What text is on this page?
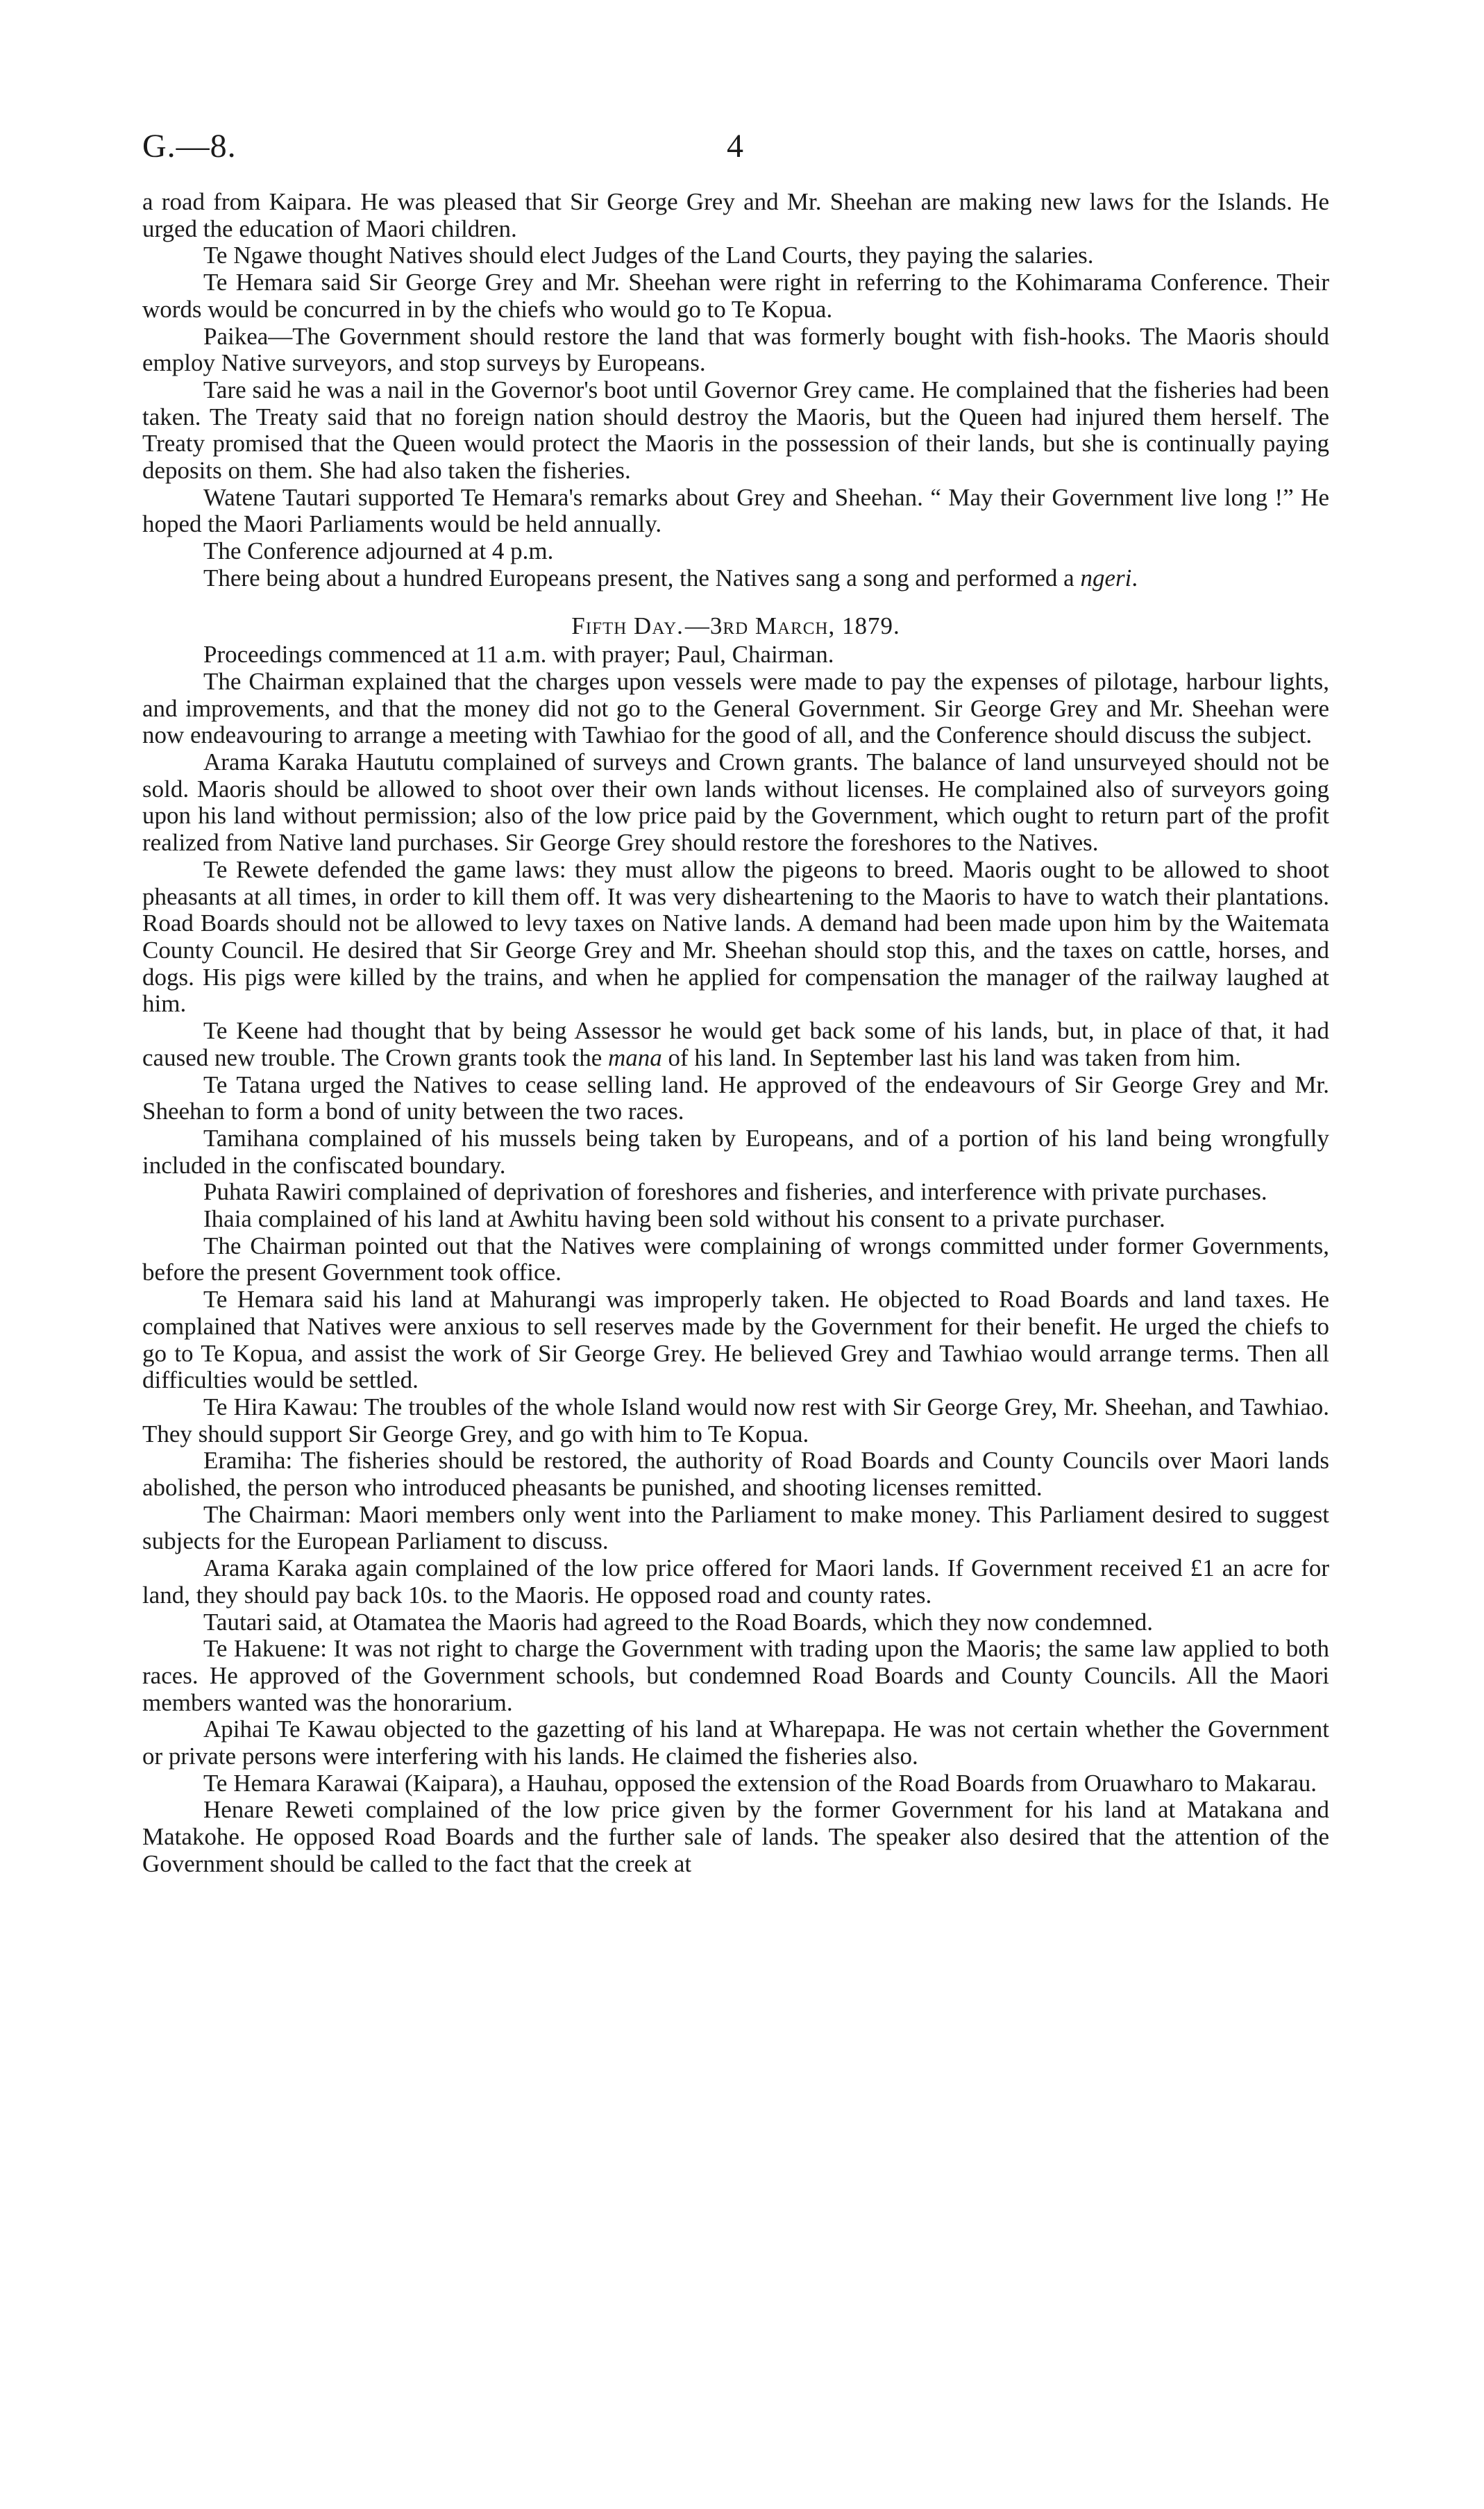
G.—8.	4

a road from Kaipara. He was pleased that Sir George Grey and Mr. Sheehan are making new laws for the Islands. He urged the education of Maori children.

Te Ngawe thought Natives should elect Judges of the Land Courts, they paying the salaries.

Te Hemara said Sir George Grey and Mr. Sheehan were right in referring to the Kohimarama Conference. Their words would be concurred in by the chiefs who would go to Te Kopua.

Paikea—The Government should restore the land that was formerly bought with fish-hooks. The Maoris should employ Native surveyors, and stop surveys by Europeans.

Tare said he was a nail in the Governor's boot until Governor Grey came. He complained that the fisheries had been taken. The Treaty said that no foreign nation should destroy the Maoris, but the Queen had injured them herself. The Treaty promised that the Queen would protect the Maoris in the possession of their lands, but she is continually paying deposits on them. She had also taken the fisheries.

Watene Tautari supported Te Hemara's remarks about Grey and Sheehan. “ May their Government live long !” He hoped the Maori Parliaments would be held annually.

The Conference adjourned at 4 p.m.

There being about a hundred Europeans present, the Natives sang a song and performed a ngeri.

Fifth Day.—3rd March, 1879.

Proceedings commenced at 11 a.m. with prayer; Paul, Chairman.

The Chairman explained that the charges upon vessels were made to pay the expenses of pilotage, harbour lights, and improvements, and that the money did not go to the General Government. Sir George Grey and Mr. Sheehan were now endeavouring to arrange a meeting with Tawhiao for the good of all, and the Conference should discuss the subject.

Arama Karaka Haututu complained of surveys and Crown grants. The balance of land unsurveyed should not be sold. Maoris should be allowed to shoot over their own lands without licenses. He complained also of surveyors going upon his land without permission; also of the low price paid by the Government, which ought to return part of the profit realized from Native land purchases. Sir George Grey should restore the foreshores to the Natives.

Te Rewete defended the game laws: they must allow the pigeons to breed. Maoris ought to be allowed to shoot pheasants at all times, in order to kill them off. It was very disheartening to the Maoris to have to watch their plantations. Road Boards should not be allowed to levy taxes on Native lands. A demand had been made upon him by the Waitemata County Council. He desired that Sir George Grey and Mr. Sheehan should stop this, and the taxes on cattle, horses, and dogs. His pigs were killed by the trains, and when he applied for compensation the manager of the railway laughed at him.

Te Keene had thought that by being Assessor he would get back some of his lands, but, in place of that, it had caused new trouble. The Crown grants took the mana of his land. In September last his land was taken from him.

Te Tatana urged the Natives to cease selling land. He approved of the endeavours of Sir George Grey and Mr. Sheehan to form a bond of unity between the two races.

Tamihana complained of his mussels being taken by Europeans, and of a portion of his land being wrongfully included in the confiscated boundary.

Puhata Rawiri complained of deprivation of foreshores and fisheries, and interference with private purchases.

Ihaia complained of his land at Awhitu having been sold without his consent to a private purchaser.

The Chairman pointed out that the Natives were complaining of wrongs committed under former Governments, before the present Government took office.

Te Hemara said his land at Mahurangi was improperly taken. He objected to Road Boards and land taxes. He complained that Natives were anxious to sell reserves made by the Government for their benefit. He urged the chiefs to go to Te Kopua, and assist the work of Sir George Grey. He believed Grey and Tawhiao would arrange terms. Then all difficulties would be settled.

Te Hira Kawau: The troubles of the whole Island would now rest with Sir George Grey, Mr. Sheehan, and Tawhiao. They should support Sir George Grey, and go with him to Te Kopua.

Eramiha: The fisheries should be restored, the authority of Road Boards and County Councils over Maori lands abolished, the person who introduced pheasants be punished, and shooting licenses remitted.

The Chairman: Maori members only went into the Parliament to make money. This Parliament desired to suggest subjects for the European Parliament to discuss.

Arama Karaka again complained of the low price offered for Maori lands. If Government received £1 an acre for land, they should pay back 10s. to the Maoris. He opposed road and county rates.

Tautari said, at Otamatea the Maoris had agreed to the Road Boards, which they now condemned.

Te Hakuene: It was not right to charge the Government with trading upon the Maoris; the same law applied to both races. He approved of the Government schools, but condemned Road Boards and County Councils. All the Maori members wanted was the honorarium.

Apihai Te Kawau objected to the gazetting of his land at Wharepapa. He was not certain whether the Government or private persons were interfering with his lands. He claimed the fisheries also.

Te Hemara Karawai (Kaipara), a Hauhau, opposed the extension of the Road Boards from Oruawharo to Makarau.

Henare Reweti complained of the low price given by the former Government for his land at Matakana and Matakohe. He opposed Road Boards and the further sale of lands. The speaker also desired that the attention of the Government should be called to the fact that the creek at
